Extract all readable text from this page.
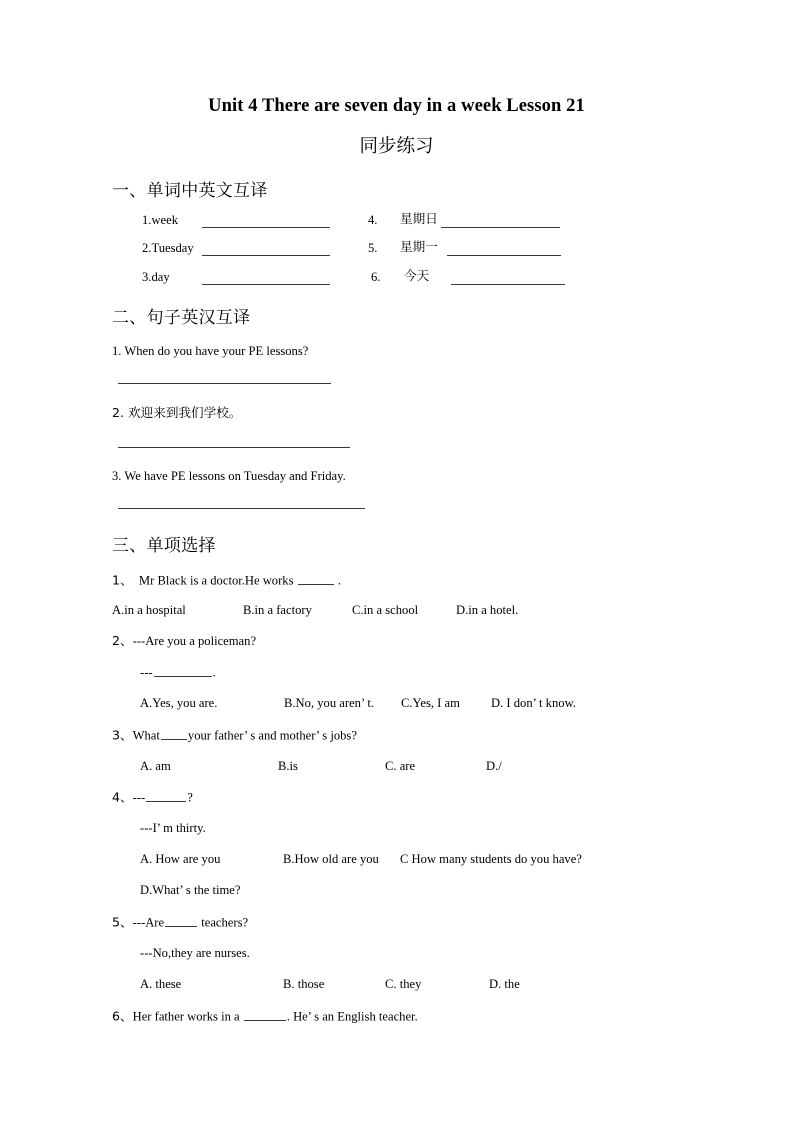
Unit 4 There are seven day in a week Lesson 21
同步练习
一、单词中英文互译
1.week
2.Tuesday
3.day
4. 星期日
5. 星期一
6. 今天
二、句子英汉互译
1. When do you have your PE lessons?
2. 欢迎来到我们学校。
3. We have PE lessons on Tuesday and Friday.
三、单项选择
1、 Mr Black is a doctor.He works	.
A.in a hospital	B.in a factory	C.in a school	D.in a hotel.
2、---Are you a policeman?
---	.
A.Yes, you are.	B.No, you aren’ t. C.Yes, I am D. I don’ t know.
3、What your father’ s and mother’ s jobs?
A. am	B.is	C. are	D./
4、---	?
---I’ m thirty.
A. How are you	B.How old are you C How many students do you have?
D.What’ s the time?
5、---Are	teachers?
---No,they are nurses.
A. these	B. those	C. they	D. the
6、Her father works in a	. He’ s an English teacher.
